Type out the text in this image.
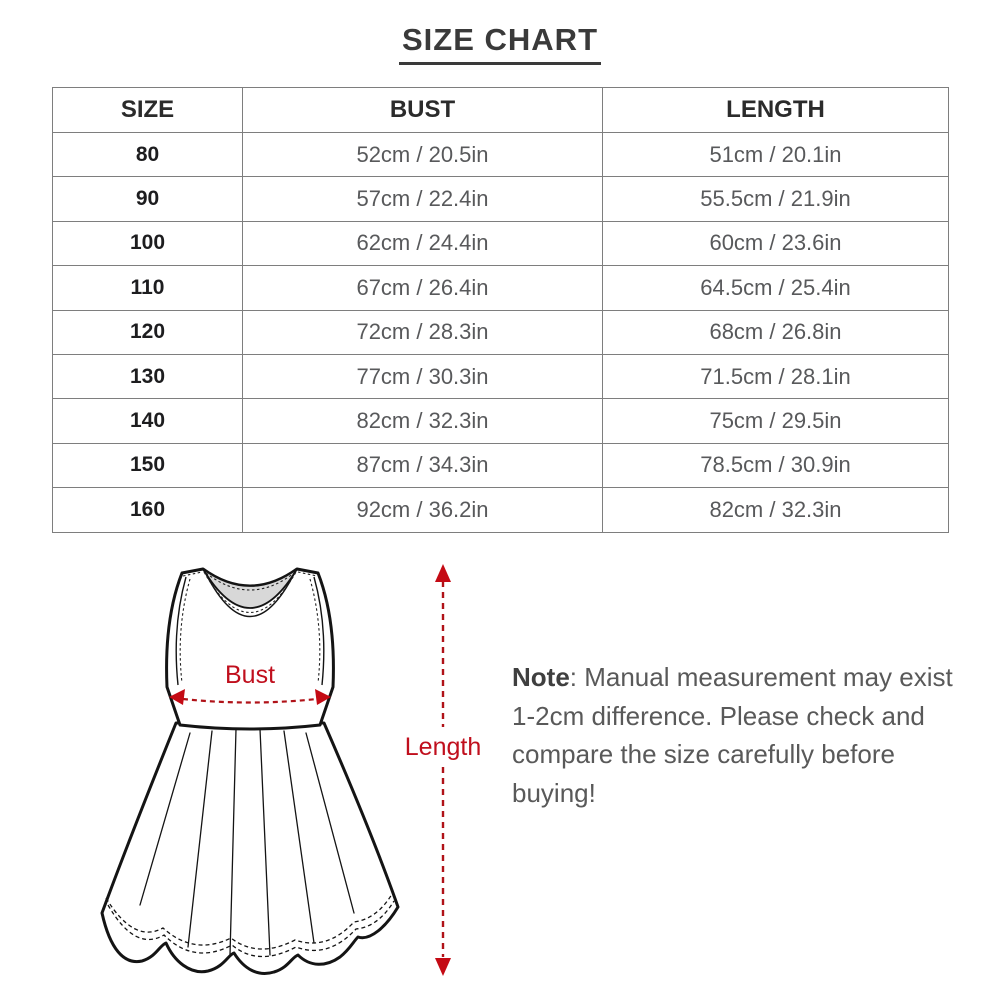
SIZE CHART
SIZE	BUST	LENGTH
80	52cm / 20.5in	51cm / 20.1in
90	57cm / 22.4in	55.5cm / 21.9in
100	62cm / 24.4in	60cm / 23.6in
110	67cm / 26.4in	64.5cm / 25.4in
120	72cm / 28.3in	68cm / 26.8in
130	77cm / 30.3in	71.5cm / 28.1in
140	82cm / 32.3in	75cm / 29.5in
150	87cm / 34.3in	78.5cm / 30.9in
160	92cm / 36.2in	82cm / 32.3in
Bust
Length
Note: Manual measurement may exist 1-2cm difference. Please check and compare the size carefully before buying!
